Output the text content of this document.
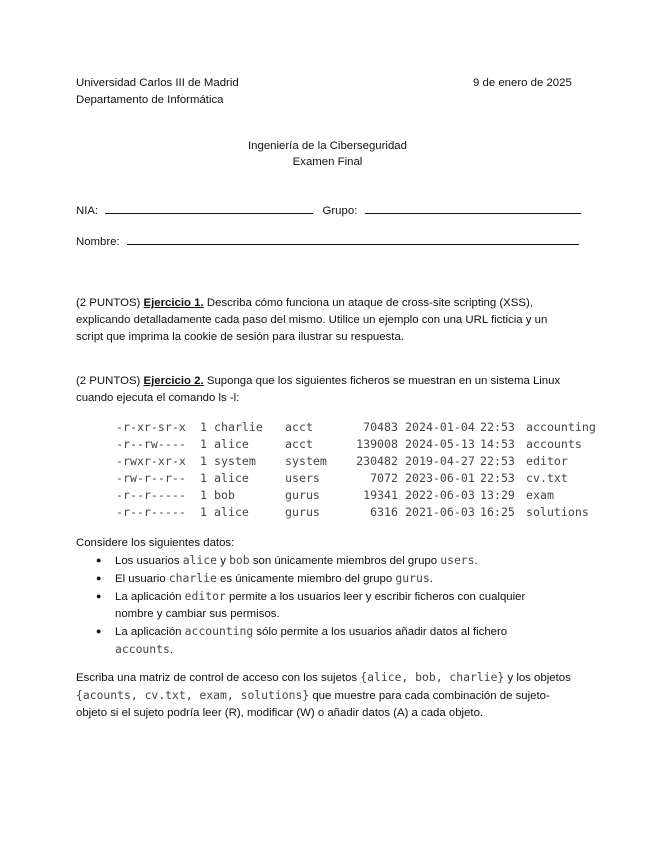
Universidad Carlos III de Madrid
Departamento de Informática
9 de enero de 2025
Ingeniería de la Ciberseguridad
Examen Final
NIA:	Grupo:
Nombre:
(2 PUNTOS) Ejercicio 1. Describa cómo funciona un ataque de cross-site scripting (XSS), explicando detalladamente cada paso del mismo. Utilice un ejemplo con una URL ficticia y un script que imprima la cookie de sesión para ilustrar su respuesta.
(2 PUNTOS) Ejercicio 2. Suponga que los siguientes ficheros se muestran en un sistema Linux cuando ejecuta el comando ls -l:
-r-xr-sr-x 1 charlie acct	70483 2024-01-04 22:53 accounting
-r--rw---- 1 alice	acct	139008 2024-05-13 14:53 accounts
-rwxr-xr-x 1 system	system	230482 2019-04-27 22:53 editor
-rw-r--r-- 1 alice	users	7072 2023-06-01 22:53 cv.txt
-r--r----- 1 bob	gurus	19341 2022-06-03 13:29 exam
-r--r----- 1 alice	gurus	6316 2021-06-03 16:25 solutions
Considere los siguientes datos:
● Los usuarios alice y bob son únicamente miembros del grupo users.
● El usuario charlie es únicamente miembro del grupo gurus.
● La aplicación editor permite a los usuarios leer y escribir ficheros con cualquier nombre y cambiar sus permisos.
● La aplicación accounting sólo permite a los usuarios añadir datos al fichero accounts.
Escriba una matriz de control de acceso con los sujetos {alice, bob, charlie} y los objetos {acounts, cv.txt, exam, solutions} que muestre para cada combinación de sujeto-objeto si el sujeto podría leer (R), modificar (W) o añadir datos (A) a cada objeto.
